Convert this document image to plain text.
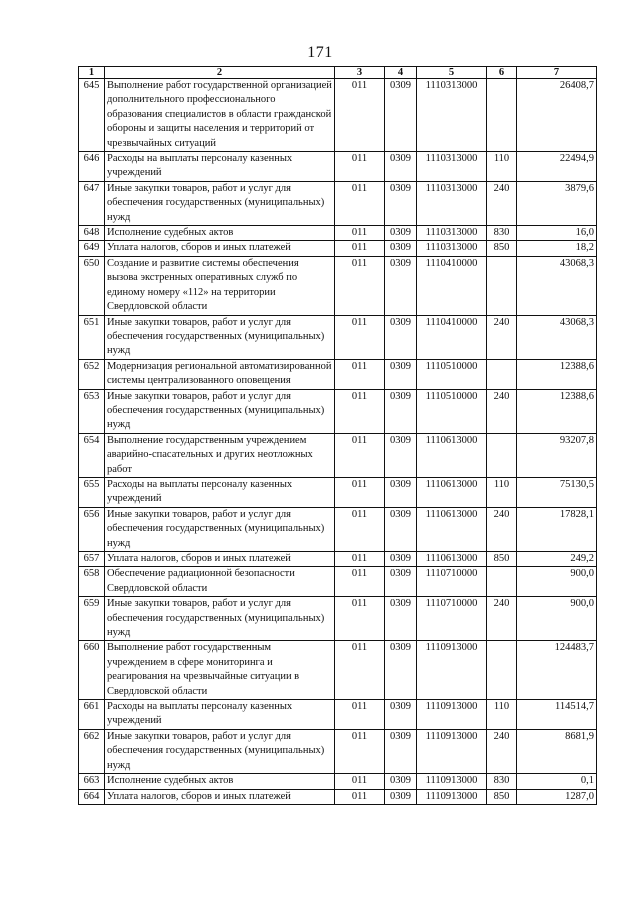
171
1	2	3	4	5	6	7
645	Выполнение работ государственной организацией дополнительного профессионального образования специалистов в области гражданской обороны и защиты населения и территорий от чрезвычайных ситуаций	011	0309	1110313000		26408,7
646	Расходы на выплаты персоналу казенных учреждений	011	0309	1110313000	110	22494,9
647	Иные закупки товаров, работ и услуг для обеспечения государственных (муниципальных) нужд	011	0309	1110313000	240	3879,6
648	Исполнение судебных актов	011	0309	1110313000	830	16,0
649	Уплата налогов, сборов и иных платежей	011	0309	1110313000	850	18,2
650	Создание и развитие системы обеспечения вызова экстренных оперативных служб по единому номеру «112» на территории Свердловской области	011	0309	1110410000		43068,3
651	Иные закупки товаров, работ и услуг для обеспечения государственных (муниципальных) нужд	011	0309	1110410000	240	43068,3
652	Модернизация региональной автоматизированной системы централизованного оповещения	011	0309	1110510000		12388,6
653	Иные закупки товаров, работ и услуг для обеспечения государственных (муниципальных) нужд	011	0309	1110510000	240	12388,6
654	Выполнение государственным учреждением аварийно-спасательных и других неотложных работ	011	0309	1110613000		93207,8
655	Расходы на выплаты персоналу казенных учреждений	011	0309	1110613000	110	75130,5
656	Иные закупки товаров, работ и услуг для обеспечения государственных (муниципальных) нужд	011	0309	1110613000	240	17828,1
657	Уплата налогов, сборов и иных платежей	011	0309	1110613000	850	249,2
658	Обеспечение радиационной безопасности Свердловской области	011	0309	1110710000		900,0
659	Иные закупки товаров, работ и услуг для обеспечения государственных (муниципальных) нужд	011	0309	1110710000	240	900,0
660	Выполнение работ государственным учреждением в сфере мониторинга и реагирования на чрезвычайные ситуации в Свердловской области	011	0309	1110913000		124483,7
661	Расходы на выплаты персоналу казенных учреждений	011	0309	1110913000	110	114514,7
662	Иные закупки товаров, работ и услуг для обеспечения государственных (муниципальных) нужд	011	0309	1110913000	240	8681,9
663	Исполнение судебных актов	011	0309	1110913000	830	0,1
664	Уплата налогов, сборов и иных платежей	011	0309	1110913000	850	1287,0
